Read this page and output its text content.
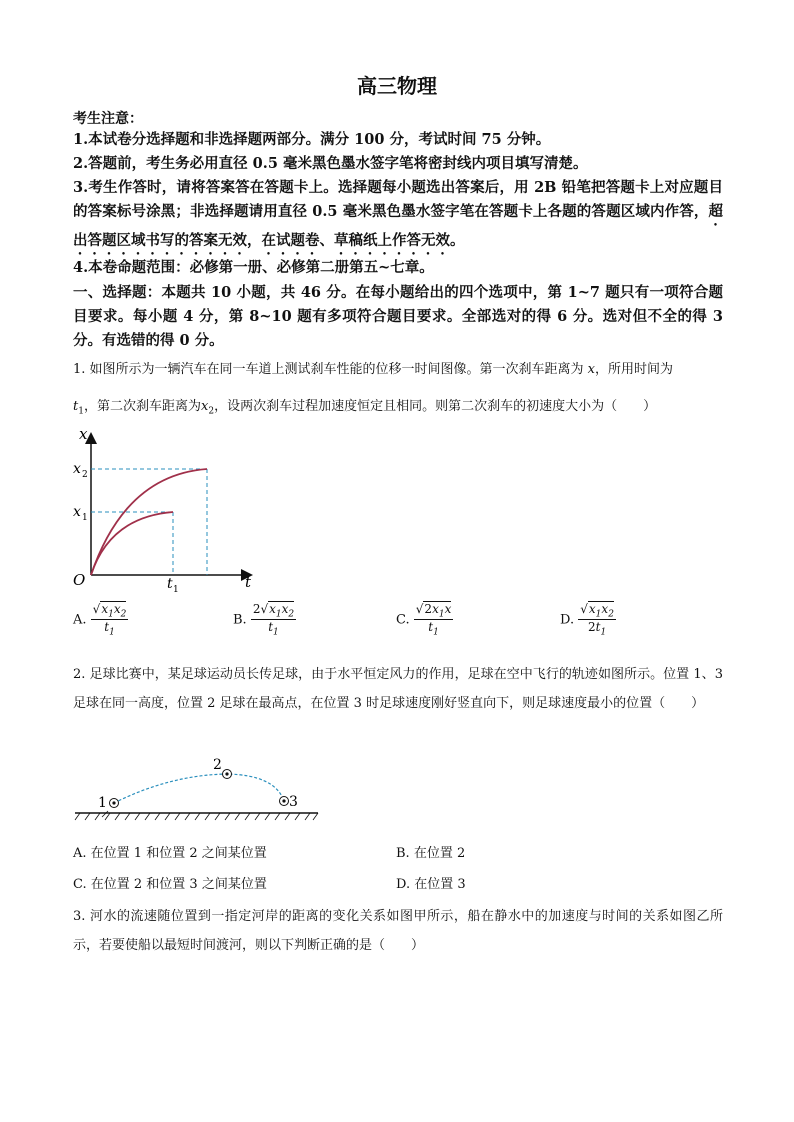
高三物理
考生注意：
1.本试卷分选择题和非选择题两部分。满分 100 分，考试时间 75 分钟。
2.答题前，考生务必用直径 0.5 毫米黑色墨水签字笔将密封线内项目填写清楚。
3.考生作答时，请将答案答在答题卡上。选择题每小题选出答案后，用 2B 铅笔把答题卡上对应题目的答案标号涂黑；非选择题请用直径 0.5 毫米黑色墨水签字笔在答题卡上各题的答题区域内作答，超出答题区域书写的答案无效，在试题卷、草稿纸上作答无效。
4.本卷命题范围：必修第一册、必修第二册第五~七章。
一、选择题：本题共 10 小题，共 46 分。在每小题给出的四个选项中，第 1~7 题只有一项符合题目要求。每小题 4 分，第 8~10 题有多项符合题目要求。全部选对的得 6 分。选对但不全的得 3 分。有选错的得 0 分。
1. 如图所示为一辆汽车在同一车道上测试刹车性能的位移一时间图像。第一次刹车距离为 x，所用时间为
$t_1$，第二次刹车距离为$x_2$，设两次刹车过程加速度恒定且相同。则第二次刹车的初速度大小为（　　）
x
t
O
x 2
x 1
t 1
A. $\frac{√x_1x_2}{t_1}$	B. $\frac{2√x_1x_2}{t_1}$	C. $\frac{√2x_1x}{t_1}$	D. $\frac{√x_1x_2}{2t_1}$
2. 足球比赛中，某足球运动员长传足球，由于水平恒定风力的作用，足球在空中飞行的轨迹如图所示。位置 1、3 足球在同一高度，位置 2 足球在最高点，在位置 3 时足球速度刚好竖直向下，则足球速度最小的位置（　　）
1
2
3
A. 在位置 1 和位置 2 之间某位置	B. 在位置 2
C. 在位置 2 和位置 3 之间某位置	D. 在位置 3
3. 河水的流速随位置到一指定河岸的距离的变化关系如图甲所示，船在静水中的加速度与时间的关系如图乙所示，若要使船以最短时间渡河，则以下判断正确的是（　　）
